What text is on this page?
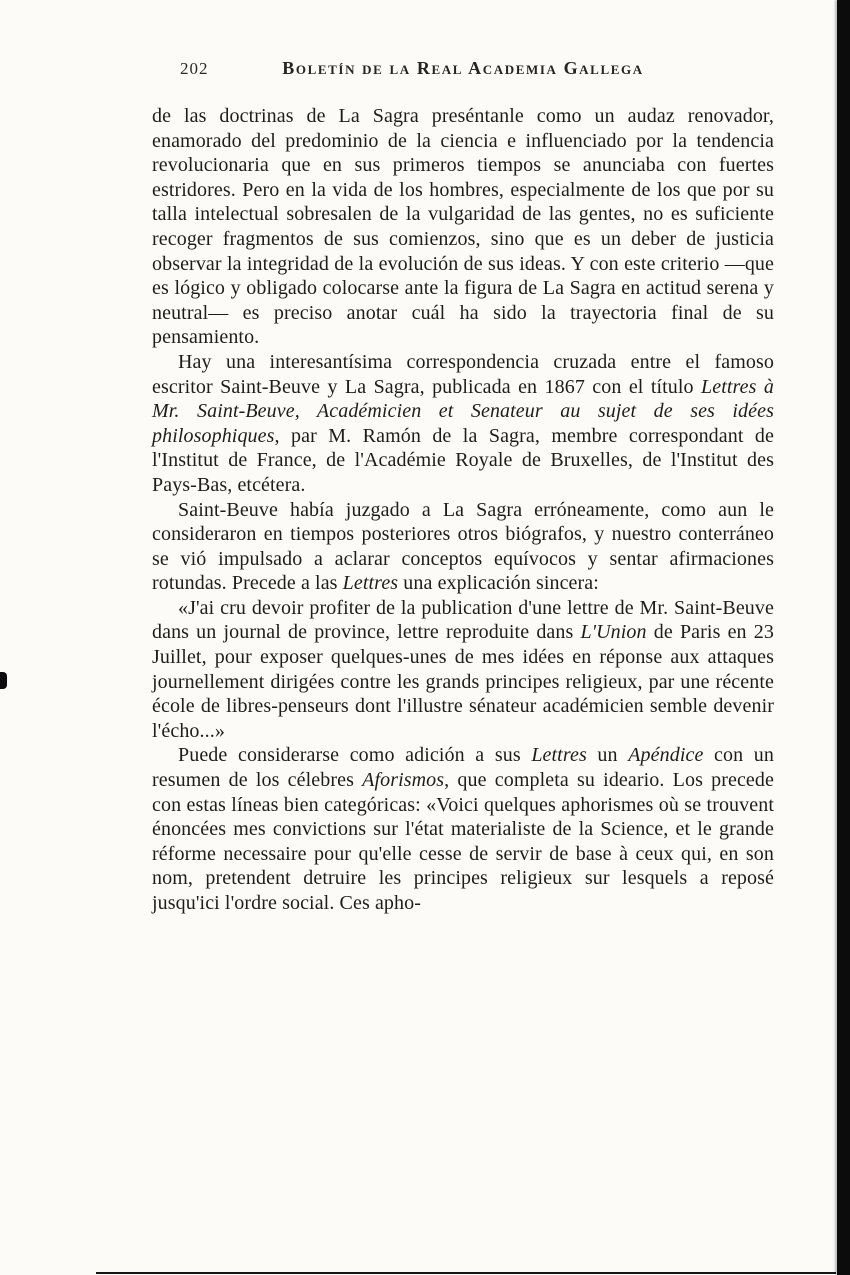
202	Boletín de la Real Academia Gallega

de las doctrinas de La Sagra preséntanle como un audaz renovador, enamorado del predominio de la ciencia e influenciado por la tendencia revolucionaria que en sus primeros tiempos se anunciaba con fuertes estridores. Pero en la vida de los hombres, especialmente de los que por su talla intelectual sobresalen de la vulgaridad de las gentes, no es suficiente recoger fragmentos de sus comienzos, sino que es un deber de justicia observar la integridad de la evolución de sus ideas. Y con este criterio —que es lógico y obligado colocarse ante la figura de La Sagra en actitud serena y neutral— es preciso anotar cuál ha sido la trayectoria final de su pensamiento.

Hay una interesantísima correspondencia cruzada entre el famoso escritor Saint-Beuve y La Sagra, publicada en 1867 con el título Lettres à Mr. Saint-Beuve, Académicien et Senateur au sujet de ses idées philosophiques, par M. Ramón de la Sagra, membre correspondant de l'Institut de France, de l'Académie Royale de Bruxelles, de l'Institut des Pays-Bas, etcétera.

Saint-Beuve había juzgado a La Sagra erróneamente, como aun le consideraron en tiempos posteriores otros biógrafos, y nuestro conterráneo se vió impulsado a aclarar conceptos equívocos y sentar afirmaciones rotundas. Precede a las Lettres una explicación sincera:

«J'ai cru devoir profiter de la publication d'une lettre de Mr. Saint-Beuve dans un journal de province, lettre reproduite dans L'Union de Paris en 23 Juillet, pour exposer quelques-unes de mes idées en réponse aux attaques journellement dirigées contre les grands principes religieux, par une récente école de libres-penseurs dont l'illustre sénateur académicien semble devenir l'écho...»

Puede considerarse como adición a sus Lettres un Apéndice con un resumen de los célebres Aforismos, que completa su ideario. Los precede con estas líneas bien categóricas: «Voici quelques aphorismes où se trouvent énoncées mes convictions sur l'état materialiste de la Science, et le grande réforme necessaire pour qu'elle cesse de servir de base à ceux qui, en son nom, pretendent detruire les principes religieux sur lesquels a reposé jusqu'ici l'ordre social. Ces apho-
